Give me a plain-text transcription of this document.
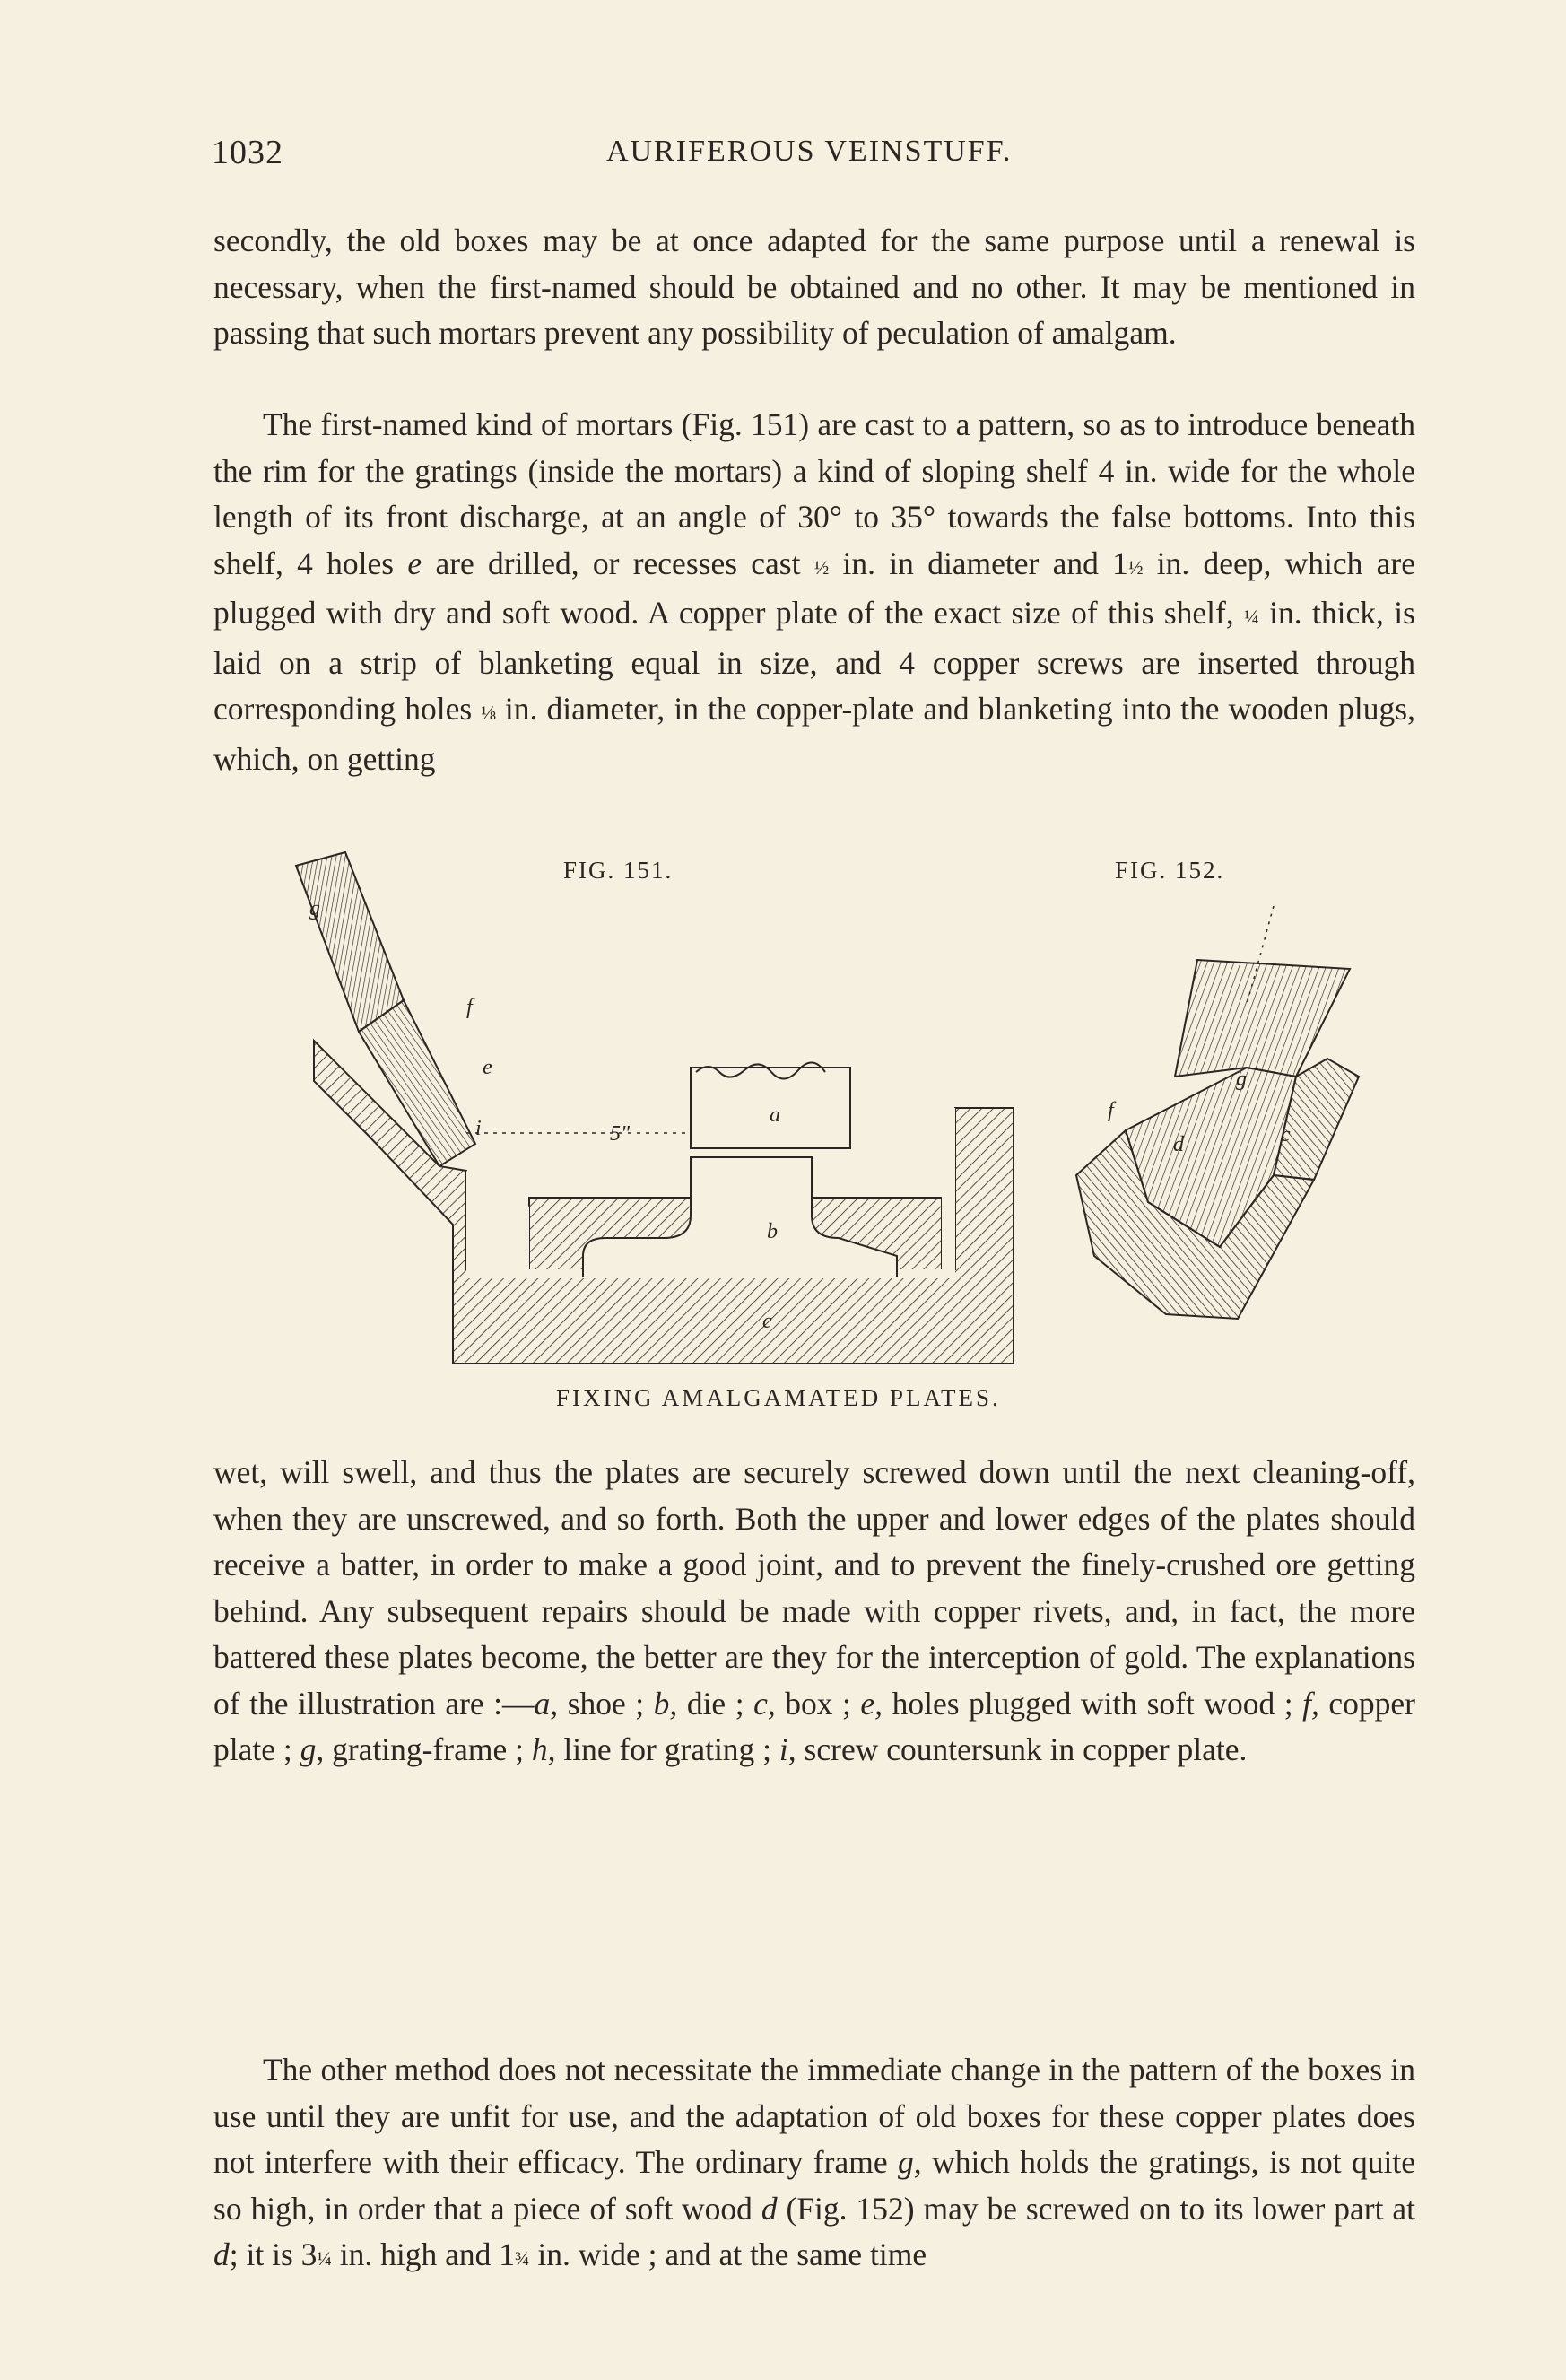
1032	AURIFEROUS VEINSTUFF.

secondly, the old boxes may be at once adapted for the same purpose until a renewal is necessary, when the first-named should be obtained and no other. It may be mentioned in passing that such mortars prevent any possibility of peculation of amalgam.

The first-named kind of mortars (Fig. 151) are cast to a pattern, so as to introduce beneath the rim for the gratings (inside the mortars) a kind of sloping shelf 4 in. wide for the whole length of its front discharge, at an angle of 30° to 35° towards the false bottoms. Into this shelf, 4 holes e are drilled, or recesses cast ½ in. in diameter and 1½ in. deep, which are plugged with dry and soft wood. A copper plate of the exact size of this shelf, ¼ in. thick, is laid on a strip of blanketing equal in size, and 4 copper screws are inserted through corresponding holes ⅛ in. diameter, in the copper-plate and blanketing into the wooden plugs, which, on getting

FIG. 151.	FIG. 152.
5"
g
f
e
i
a
b
c
g
f
d	c
FIXING AMALGAMATED PLATES.

wet, will swell, and thus the plates are securely screwed down until the next cleaning-off, when they are unscrewed, and so forth. Both the upper and lower edges of the plates should receive a batter, in order to make a good joint, and to prevent the finely-crushed ore getting behind. Any subsequent repairs should be made with copper rivets, and, in fact, the more battered these plates become, the better are they for the interception of gold. The explanations of the illustration are :—a, shoe ; b, die ; c, box ; e, holes plugged with soft wood ; f, copper plate ; g, grating-frame ; h, line for grating ; i, screw countersunk in copper plate.

The other method does not necessitate the immediate change in the pattern of the boxes in use until they are unfit for use, and the adaptation of old boxes for these copper plates does not interfere with their efficacy. The ordinary frame g, which holds the gratings, is not quite so high, in order that a piece of soft wood d (Fig. 152) may be screwed on to its lower part at d; it is 3¼ in. high and 1¾ in. wide ; and at the same time
